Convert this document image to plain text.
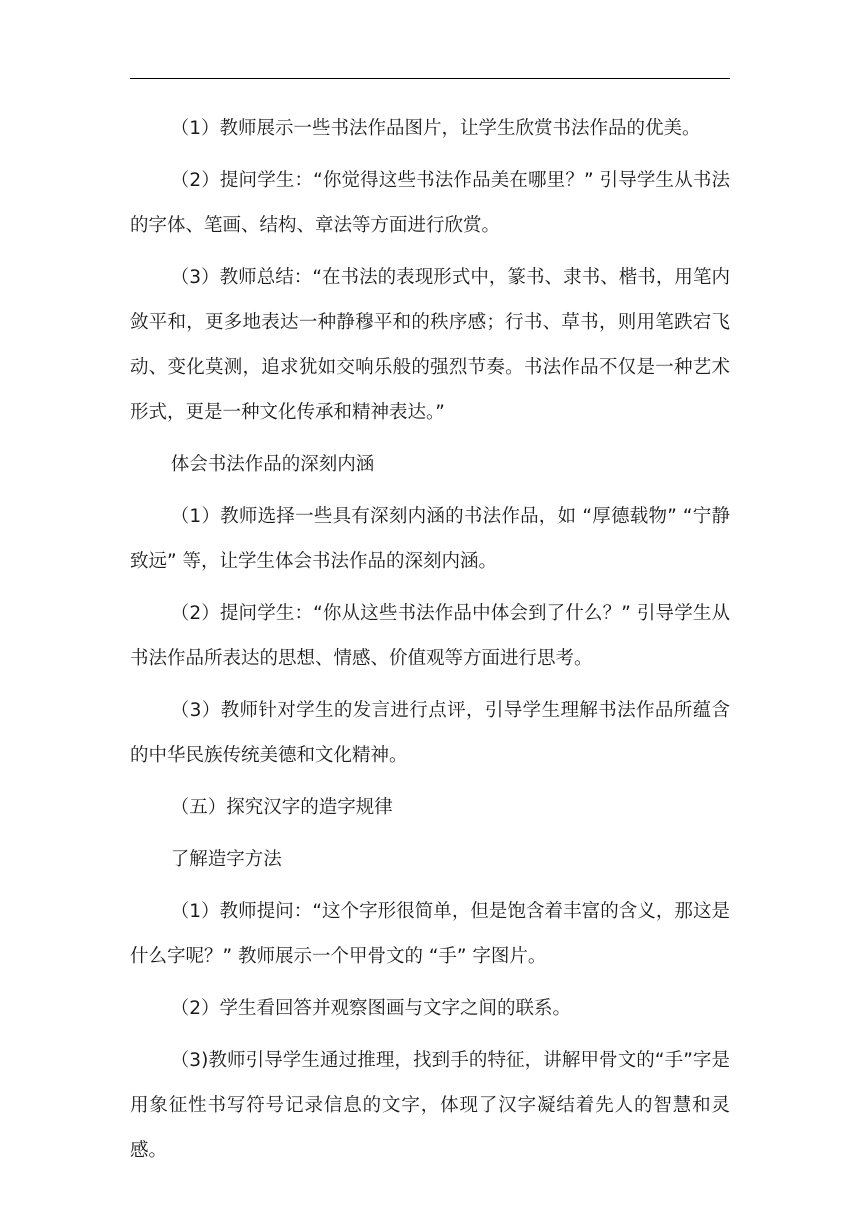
（1）教师展示一些书法作品图片，让学生欣赏书法作品的优美。

（2）提问学生：“你觉得这些书法作品美在哪里？” 引导学生从书法的字体、笔画、结构、章法等方面进行欣赏。

（3）教师总结：“在书法的表现形式中，篆书、隶书、楷书，用笔内敛平和，更多地表达一种静穆平和的秩序感；行书、草书，则用笔跌宕飞动、变化莫测，追求犹如交响乐般的强烈节奏。书法作品不仅是一种艺术形式，更是一种文化传承和精神表达。”

体会书法作品的深刻内涵

（1）教师选择一些具有深刻内涵的书法作品，如 “厚德载物” “宁静致远” 等，让学生体会书法作品的深刻内涵。

（2）提问学生：“你从这些书法作品中体会到了什么？” 引导学生从书法作品所表达的思想、情感、价值观等方面进行思考。

（3）教师针对学生的发言进行点评，引导学生理解书法作品所蕴含的中华民族传统美德和文化精神。

（五）探究汉字的造字规律

了解造字方法

（1）教师提问：“这个字形很简单，但是饱含着丰富的含义，那这是什么字呢？” 教师展示一个甲骨文的 “手” 字图片。

（2）学生看回答并观察图画与文字之间的联系。

（3)教师引导学生通过推理，找到手的特征，讲解甲骨文的“手”字是用象征性书写符号记录信息的文字，体现了汉字凝结着先人的智慧和灵感。
